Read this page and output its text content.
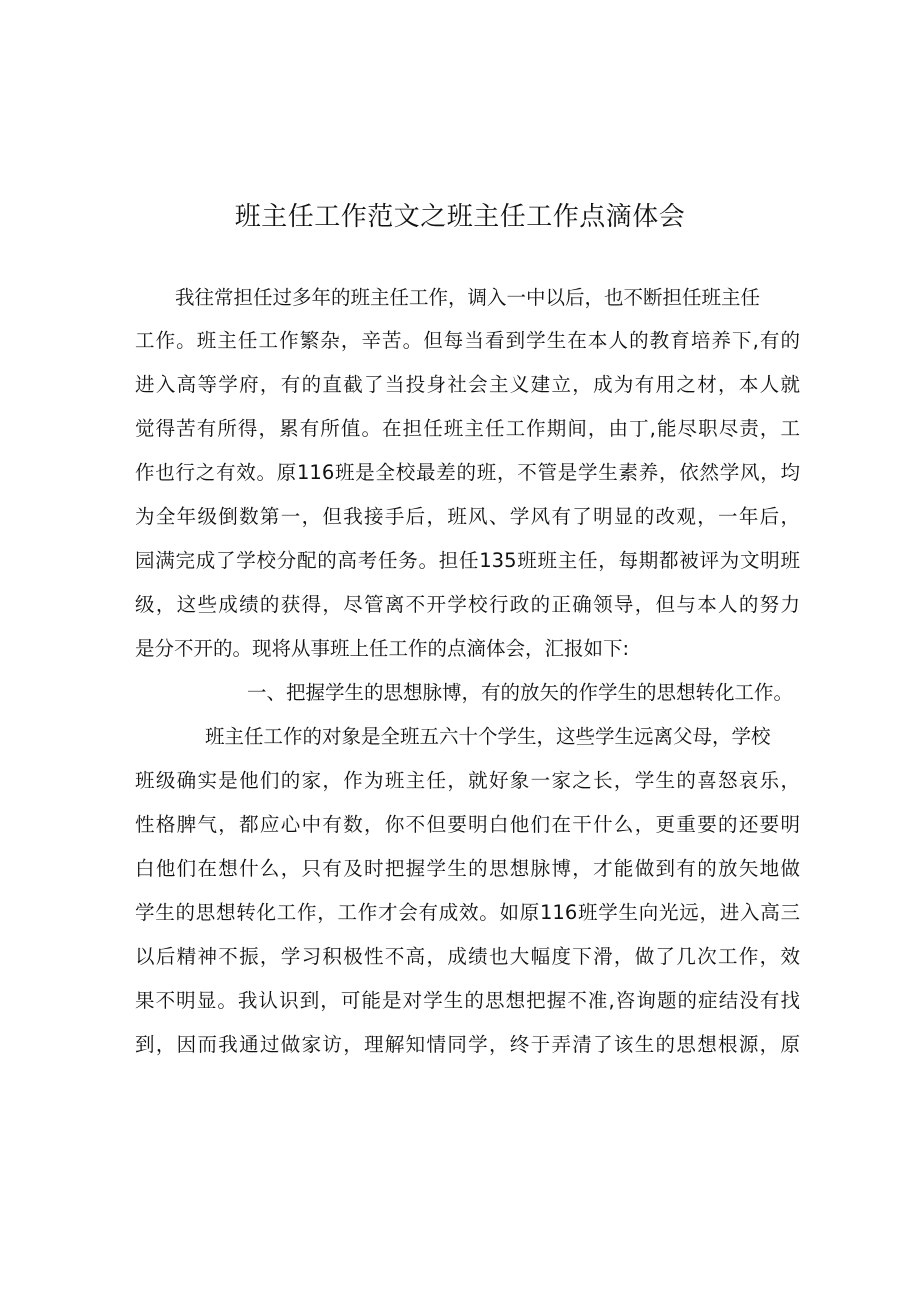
班主任工作范文之班主任工作点滴体会
我往常担任过多年的班主任工作，调入一中以后，也不断担任班主任
工作。班主任工作繁杂，辛苦。但每当看到学生在本人的教育培养下,有的
进入高等学府，有的直截了当投身社会主义建立，成为有用之材，本人就
觉得苦有所得，累有所值。在担任班主任工作期间，由丁,能尽职尽责，工
作也行之有效。原116班是全校最差的班，不管是学生素养，依然学风，均
为全年级倒数第一，但我接手后，班风、学风有了明显的改观，一年后，
园满完成了学校分配的高考任务。担任135班班主任，每期都被评为文明班
级，这些成绩的获得，尽管离不开学校行政的正确领导，但与本人的努力
是分不开的。现将从事班上任工作的点滴体会，汇报如下:
一、把握学生的思想脉博，有的放矢的作学生的思想转化工作。
班主任工作的对象是全班五六十个学生，这些学生远离父母，学校
班级确实是他们的家，作为班主任，就好象一家之长，学生的喜怒哀乐，
性格脾气，都应心中有数，你不但要明白他们在干什么，更重要的还要明
白他们在想什么，只有及时把握学生的思想脉博，才能做到有的放矢地做
学生的思想转化工作，工作才会有成效。如原116班学生向光远，进入高三
以后精神不振，学习积极性不高，成绩也大幅度下滑，做了几次工作，效
果不明显。我认识到，可能是对学生的思想把握不准,咨询题的症结没有找
到，因而我通过做家访，理解知情同学，终于弄清了该生的思想根源，原
